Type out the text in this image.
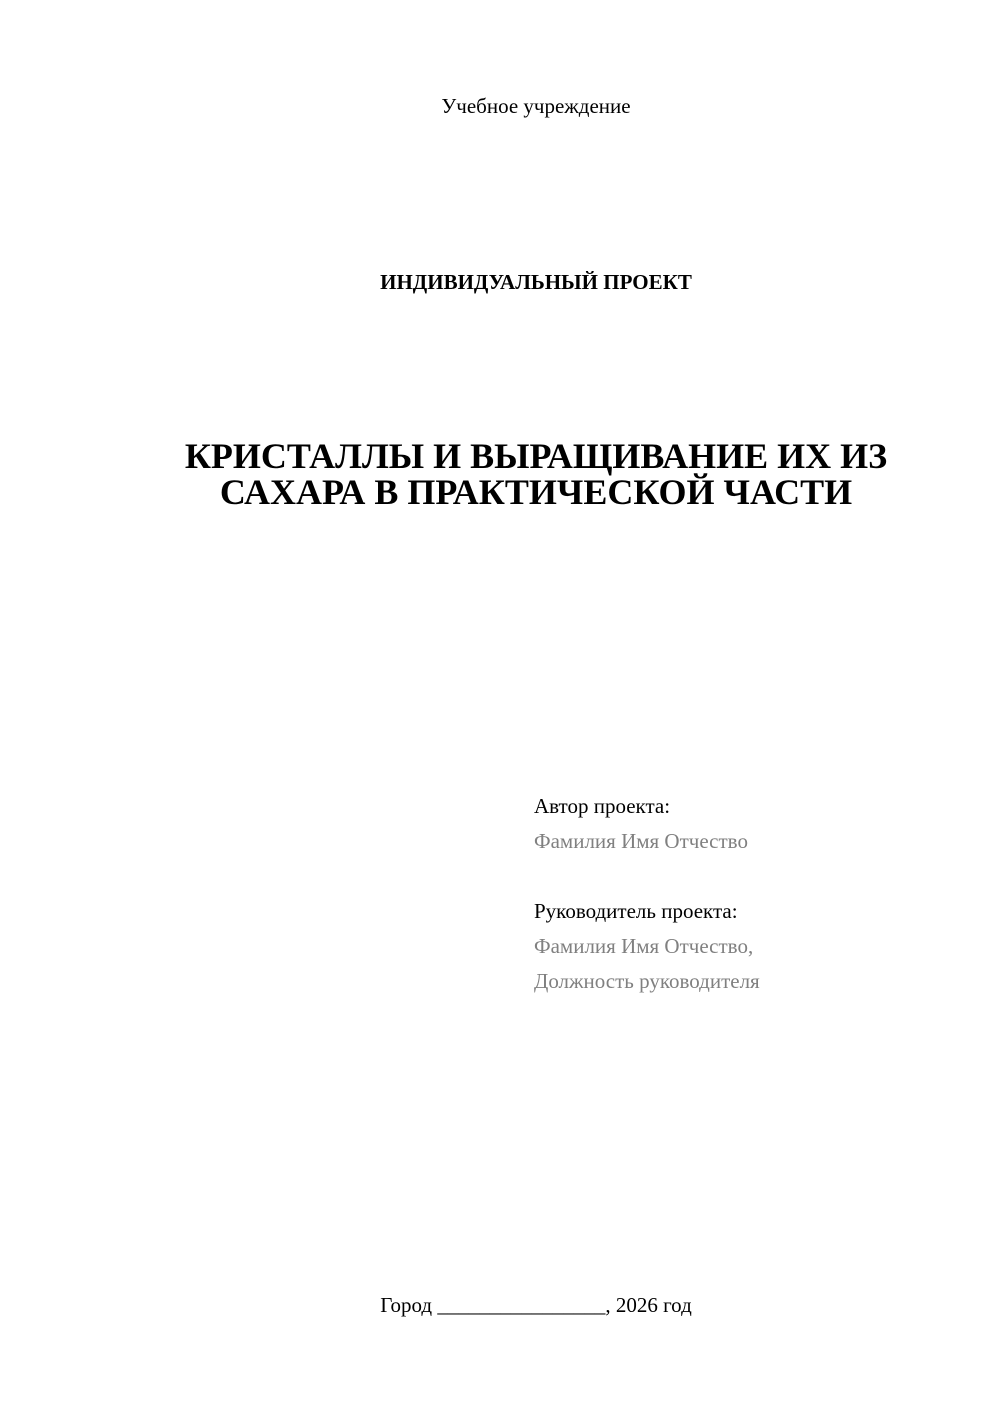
Учебное учреждение
ИНДИВИДУАЛЬНЫЙ ПРОЕКТ
КРИСТАЛЛЫ И ВЫРАЩИВАНИЕ ИХ ИЗ
САХАРА В ПРАКТИЧЕСКОЙ ЧАСТИ
Автор проекта:
Фамилия Имя Отчество
Руководитель проекта:
Фамилия Имя Отчество,
Должность руководителя
Город ________________, 2026 год
